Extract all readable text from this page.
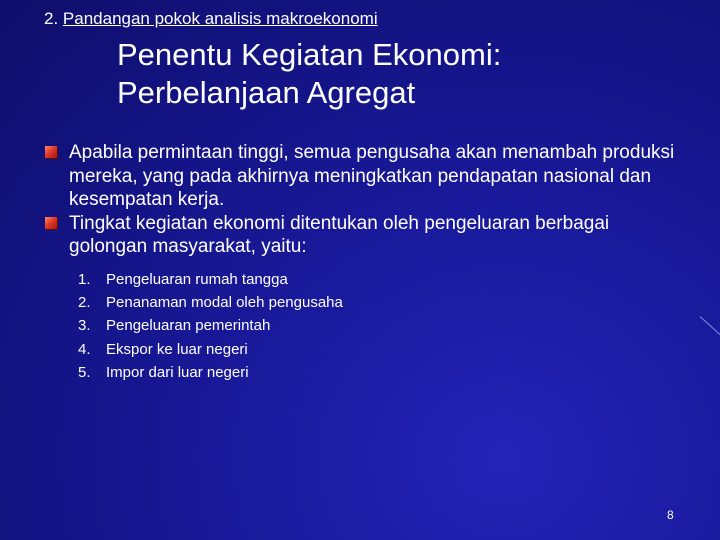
2. Pandangan pokok analisis makroekonomi
Penentu Kegiatan Ekonomi:
Perbelanjaan Agregat
Apabila permintaan tinggi, semua pengusaha akan menambah produksi mereka, yang pada akhirnya meningkatkan pendapatan nasional dan kesempatan kerja.
Tingkat kegiatan ekonomi ditentukan oleh pengeluaran berbagai golongan masyarakat, yaitu:
1. Pengeluaran rumah tangga
2. Penanaman modal oleh pengusaha
3. Pengeluaran pemerintah
4. Ekspor ke luar negeri
5. Impor dari luar negeri
8
